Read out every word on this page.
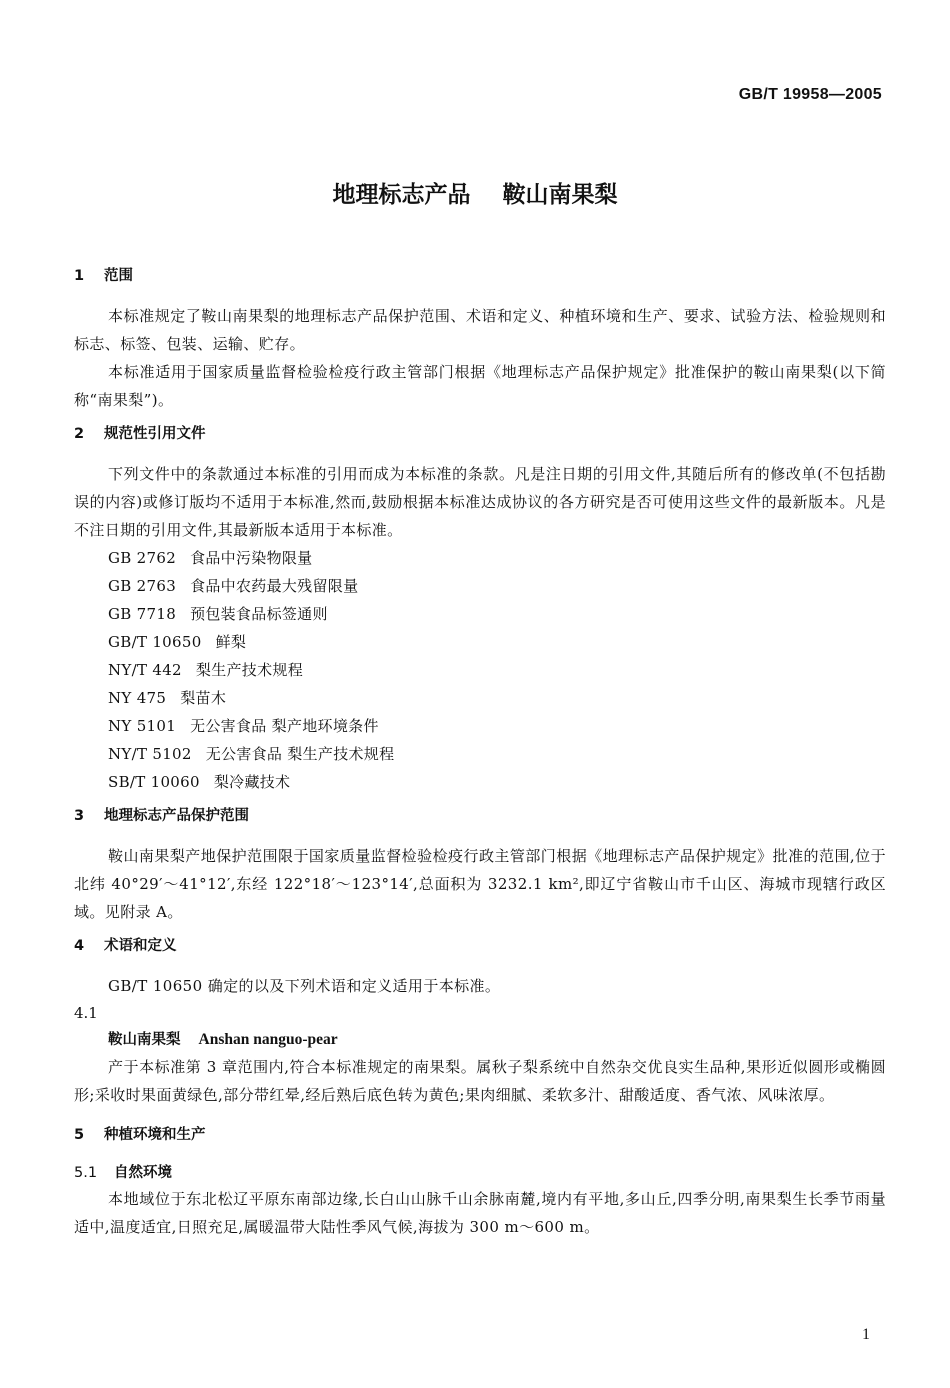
GB/T 19958—2005
地理标志产品    鞍山南果梨
1 范围

本标准规定了鞍山南果梨的地理标志产品保护范围、术语和定义、种植环境和生产、要求、试验方法、检验规则和标志、标签、包装、运输、贮存。

本标准适用于国家质量监督检验检疫行政主管部门根据《地理标志产品保护规定》批准保护的鞍山南果梨(以下简称“南果梨”)。

2 规范性引用文件

下列文件中的条款通过本标准的引用而成为本标准的条款。凡是注日期的引用文件,其随后所有的修改单(不包括勘误的内容)或修订版均不适用于本标准,然而,鼓励根据本标准达成协议的各方研究是否可使用这些文件的最新版本。凡是不注日期的引用文件,其最新版本适用于本标准。

GB 2762 食品中污染物限量
GB 2763 食品中农药最大残留限量
GB 7718 预包装食品标签通则
GB/T 10650 鲜梨
NY/T 442 梨生产技术规程
NY 475 梨苗木
NY 5101 无公害食品 梨产地环境条件
NY/T 5102 无公害食品 梨生产技术规程
SB/T 10060 梨冷藏技术
3 地理标志产品保护范围

鞍山南果梨产地保护范围限于国家质量监督检验检疫行政主管部门根据《地理标志产品保护规定》批准的范围,位于北纬 40°29′～41°12′,东经 122°18′～123°14′,总面积为 3232.1 km²,即辽宁省鞍山市千山区、海城市现辖行政区域。见附录 A。

4 术语和定义

GB/T 10650 确定的以及下列术语和定义适用于本标准。

4.1

鞍山南果梨 Anshan nanguo-pear

产于本标准第 3 章范围内,符合本标准规定的南果梨。属秋子梨系统中自然杂交优良实生品种,果形近似圆形或椭圆形;采收时果面黄绿色,部分带红晕,经后熟后底色转为黄色;果肉细腻、柔软多汁、甜酸适度、香气浓、风味浓厚。

5 种植环境和生产
5.1 自然环境

本地域位于东北松辽平原东南部边缘,长白山山脉千山余脉南麓,境内有平地,多山丘,四季分明,南果梨生长季节雨量适中,温度适宜,日照充足,属暖温带大陆性季风气候,海拔为 300 m～600 m。

1
